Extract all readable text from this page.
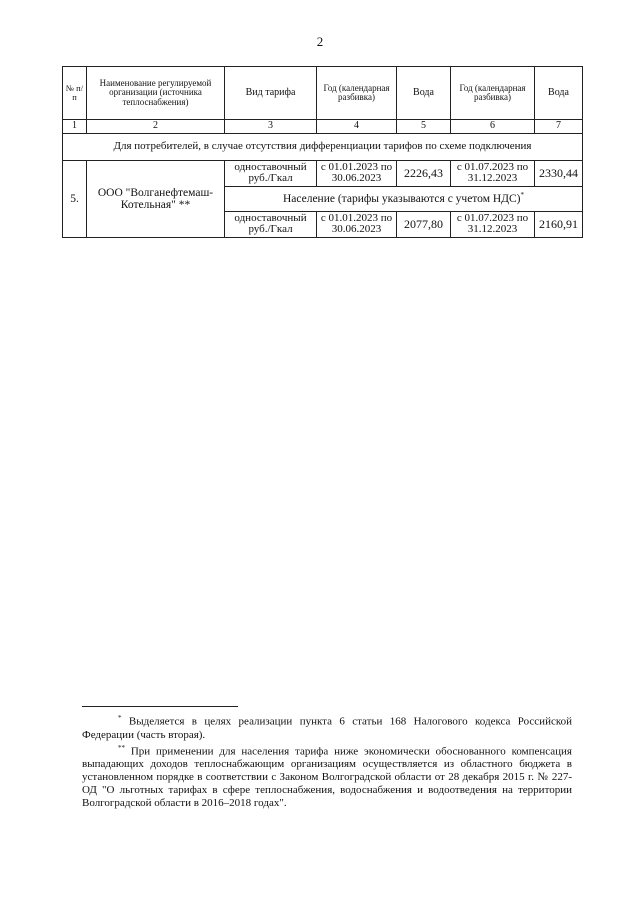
2
№ п/п	Наименование регулируемой организации (источника теплоснабжения)	Вид тарифа	Год (календарная разбивка)	Вода	Год (календарная разбивка)	Вода
1	2	3	4	5	6	7
Для потребителей, в случае отсутствия дифференциации тарифов по схеме подключения						
5.	ООО "Волганефтемаш-Котельная" **	одноставочный руб./Гкал	с 01.01.2023 по 30.06.2023	2226,43	с 01.07.2023 по 31.12.2023	2330,44
		Население (тарифы указываются с учетом НДС)*
		одноставочный руб./Гкал	с 01.01.2023 по 30.06.2023	2077,80	с 01.07.2023 по 31.12.2023	2160,91

* Выделяется в целях реализации пункта 6 статьи 168 Налогового кодекса Российской Федерации (часть вторая).

** При применении для населения тарифа ниже экономически обоснованного компенсация выпадающих доходов теплоснабжающим организациям осуществляется из областного бюджета в установленном порядке в соответствии с Законом Волгоградской области от 28 декабря 2015 г. № 227-ОД "О льготных тарифах в сфере теплоснабжения, водоснабжения и водоотведения на территории Волгоградской области в 2016–2018 годах".
